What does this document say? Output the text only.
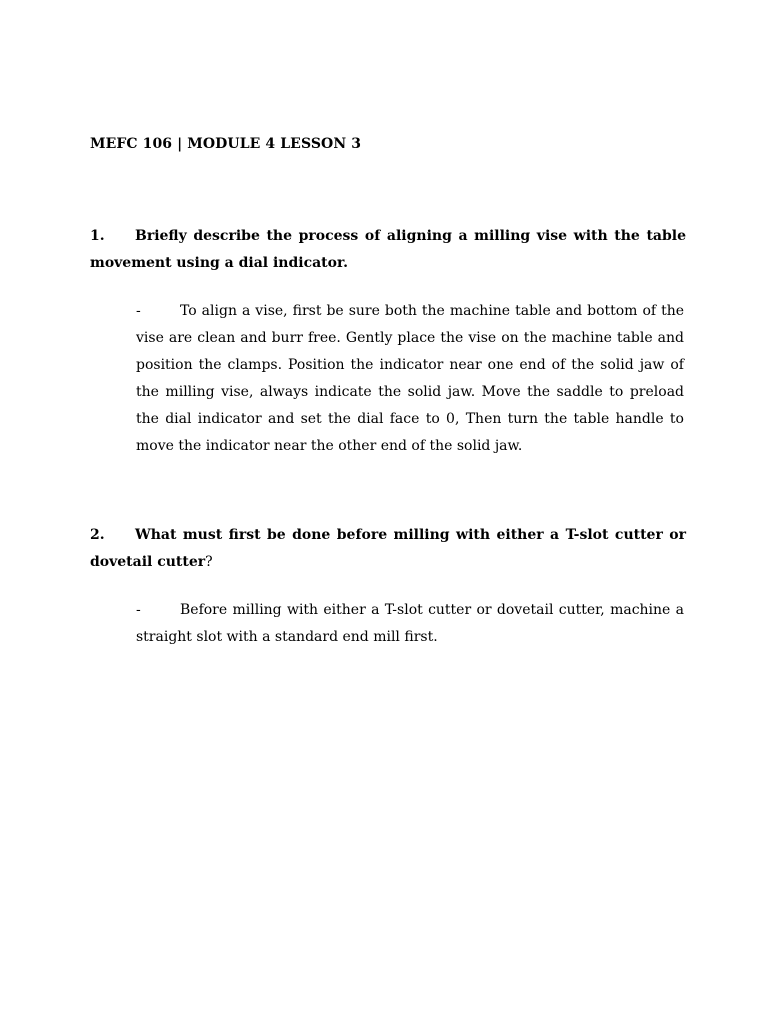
MEFC 106 | MODULE 4 LESSON 3
1. Briefly describe the process of aligning a milling vise with the table movement using a dial indicator.
-	To align a vise, first be sure both the machine table and bottom of the vise are clean and burr free. Gently place the vise on the machine table and position the clamps. Position the indicator near one end of the solid jaw of the milling vise, always indicate the solid jaw. Move the saddle to preload the dial indicator and set the dial face to 0, Then turn the table handle to move the indicator near the other end of the solid jaw.
2. What must first be done before milling with either a T-slot cutter or dovetail cutter?
-	Before milling with either a T-slot cutter or dovetail cutter, machine a straight slot with a standard end mill first.
